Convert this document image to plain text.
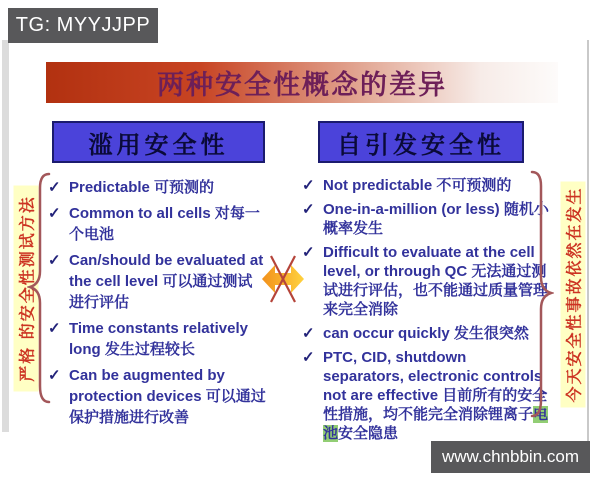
TG: MYYJJPP
www.chnbbin.com
两种安全性概念的差异
滥用安全性	自引发安全性
✓ Predictable 可预测的
✓ Common to all cells 对每一个电池
✓ Can/should be evaluated at the cell level 可以通过测试进行评估
✓ Time constants relatively long 发生过程较长
✓ Can be augmented by protection devices 可以通过保护措施进行改善
✓ Not predictable 不可预测的
✓ One-in-a-million (or less) 随机小概率发生
✓ Difficult to evaluate at the cell level, or through QC 无法通过测试进行评估，也不能通过质量管理来完全消除
✓ can occur quickly 发生很突然
✓ PTC, CID, shutdown separators, electronic controls not are effective 目前所有的安全性措施，均不能完全消除锂离子电池安全隐患
严格 的安全性测试方法	今天安全性事故依然在发生
